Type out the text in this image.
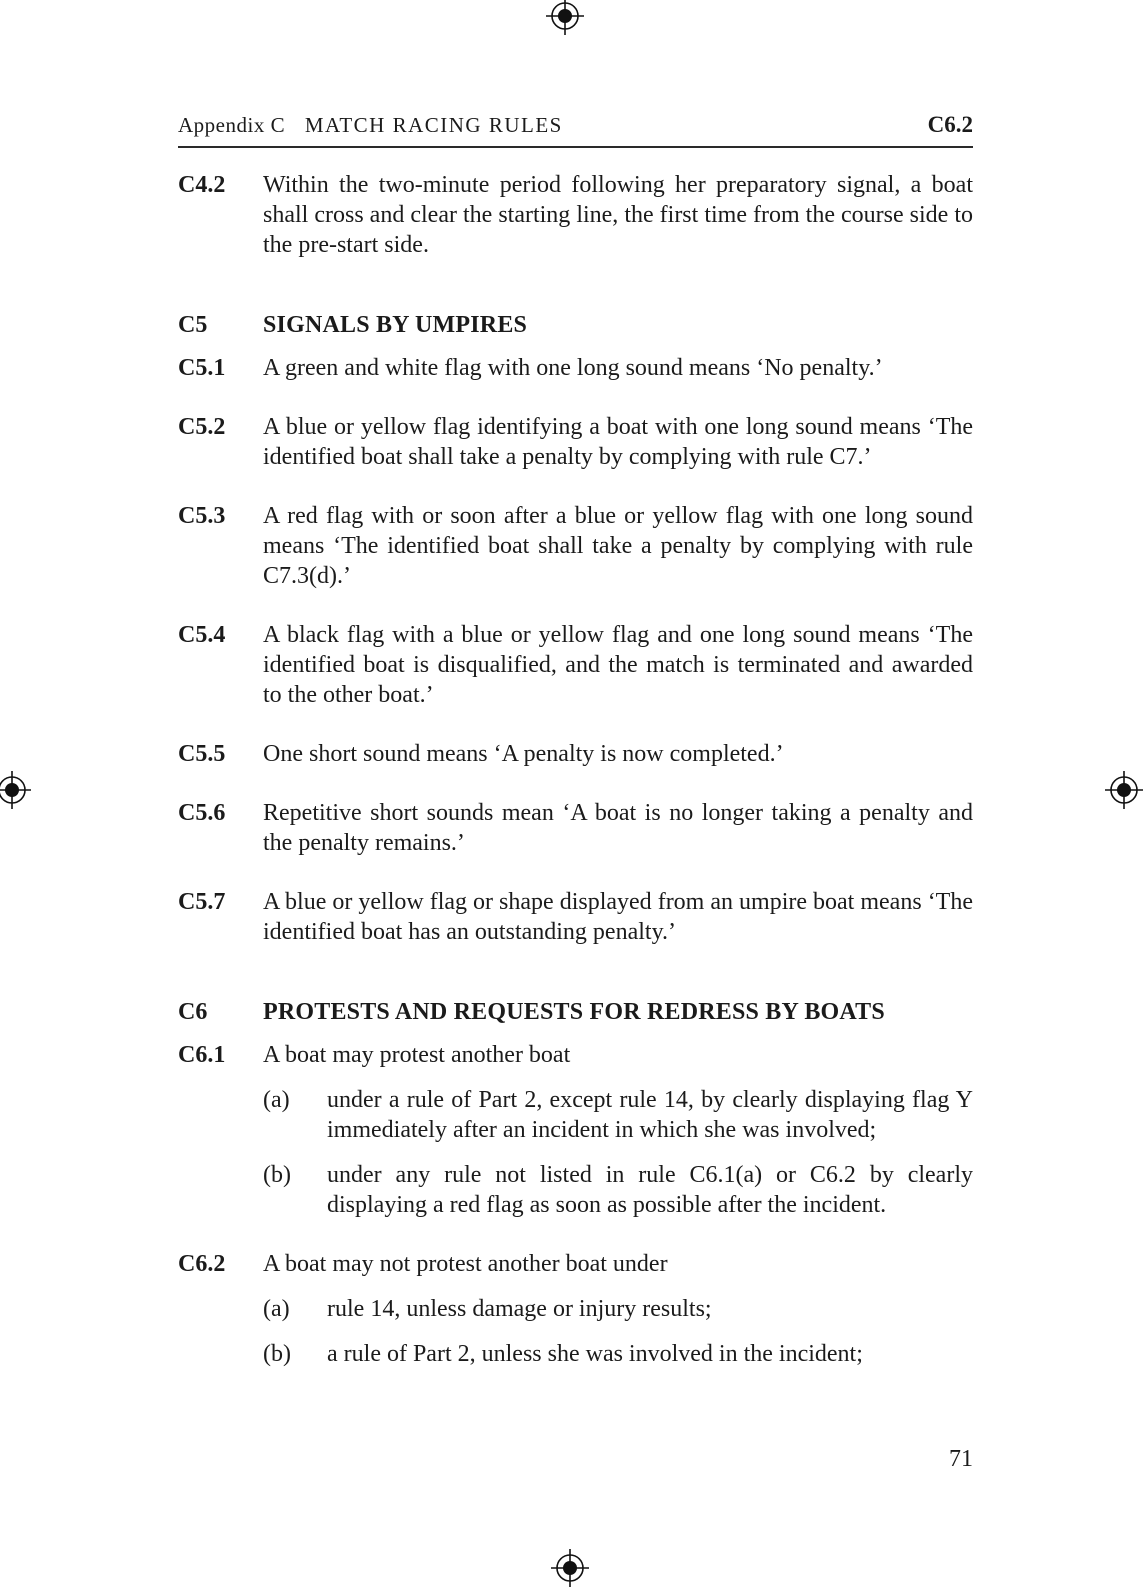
Appendix C MATCH RACING RULES	C6.2
C4.2	Within the two-minute period following her preparatory signal, a boat shall cross and clear the starting line, the first time from the course side to the pre-start side.
C5	SIGNALS BY UMPIRES
C5.1	A green and white flag with one long sound means ‘No penalty.’
C5.2	A blue or yellow flag identifying a boat with one long sound means ‘The identified boat shall take a penalty by complying with rule C7.’
C5.3	A red flag with or soon after a blue or yellow flag with one long sound means ‘The identified boat shall take a penalty by complying with rule C7.3(d).’
C5.4	A black flag with a blue or yellow flag and one long sound means ‘The identified boat is disqualified, and the match is terminated and awarded to the other boat.’
C5.5	One short sound means ‘A penalty is now completed.’
C5.6	Repetitive short sounds mean ‘A boat is no longer taking a penalty and the penalty remains.’
C5.7	A blue or yellow flag or shape displayed from an umpire boat means ‘The identified boat has an outstanding penalty.’
C6	PROTESTS AND REQUESTS FOR REDRESS BY BOATS
C6.1	A boat may protest another boat
(a)	under a rule of Part 2, except rule 14, by clearly displaying flag Y immediately after an incident in which she was involved;
(b)	under any rule not listed in rule C6.1(a) or C6.2 by clearly displaying a red flag as soon as possible after the incident.
C6.2	A boat may not protest another boat under
(a)	rule 14, unless damage or injury results;
(b)	a rule of Part 2, unless she was involved in the incident;
71
